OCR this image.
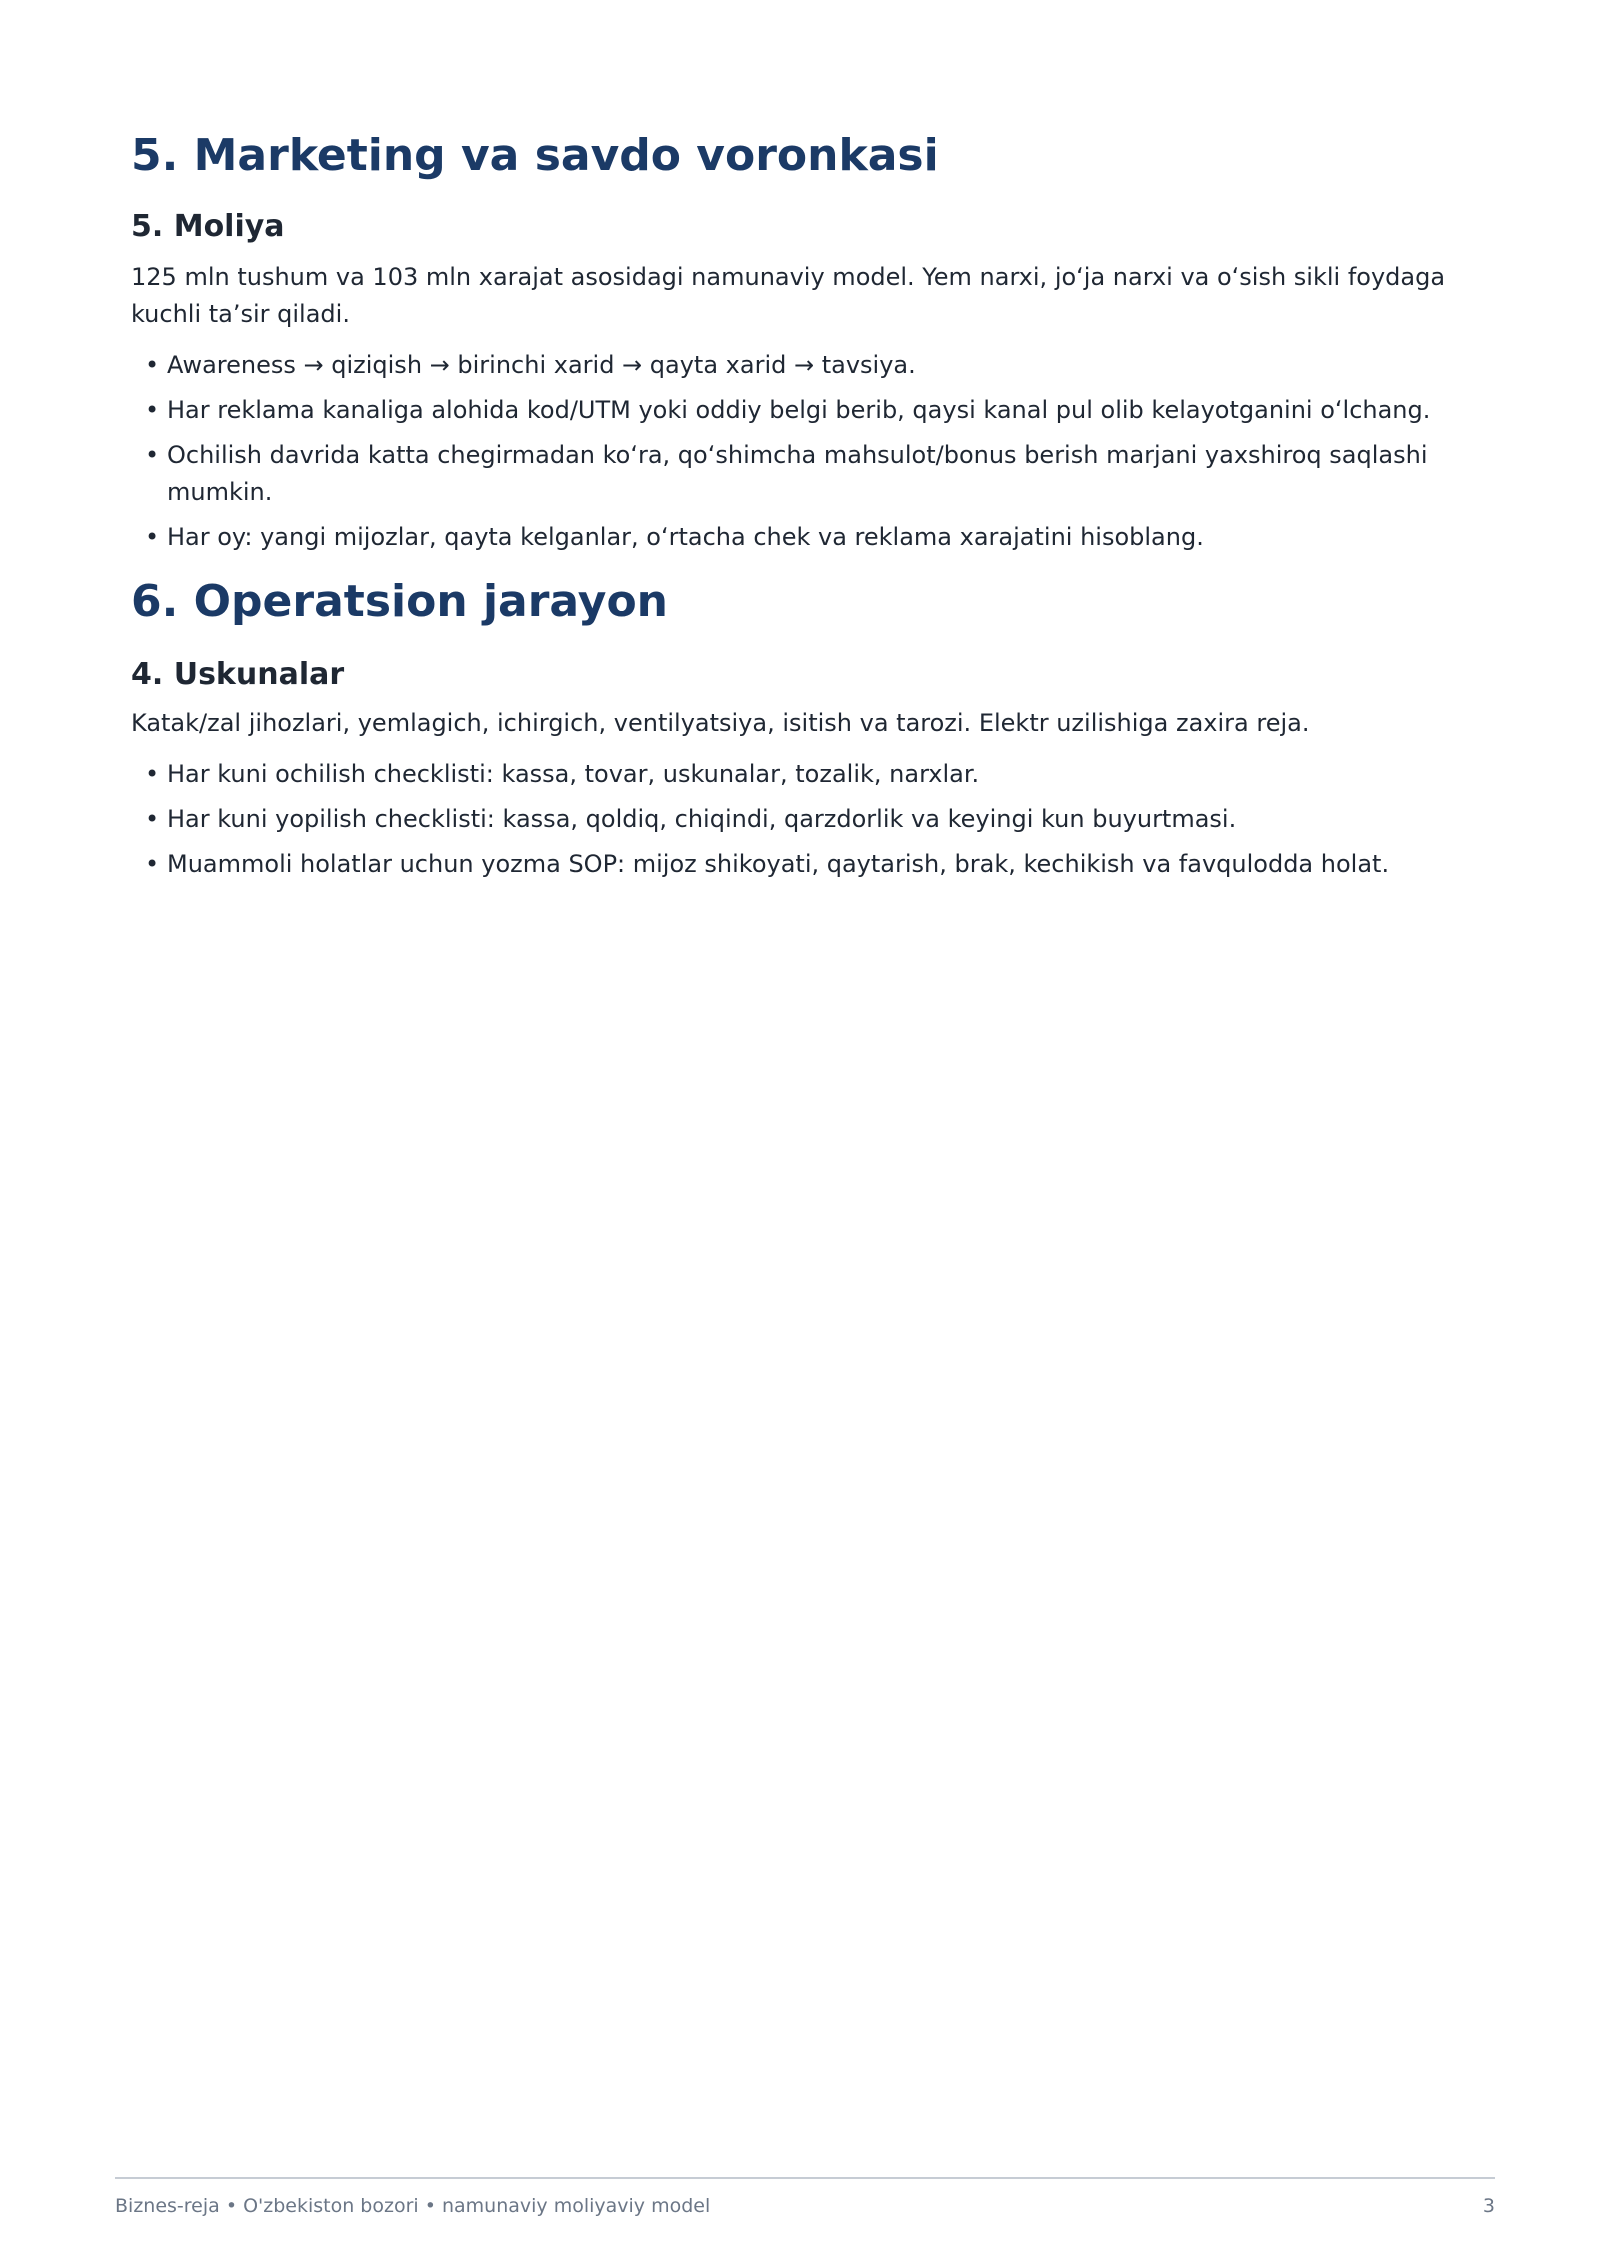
5. Marketing va savdo voronkasi
5. Moliya

125 mln tushum va 103 mln xarajat asosidagi namunaviy model. Yem narxi, joʻja narxi va oʻsish sikli foydaga kuchli taʼsir qiladi.

• Awareness → qiziqish → birinchi xarid → qayta xarid → tavsiya.
• Har reklama kanaliga alohida kod/UTM yoki oddiy belgi berib, qaysi kanal pul olib kelayotganini oʻlchang.
• Ochilish davrida katta chegirmadan koʻra, qoʻshimcha mahsulot/bonus berish marjani yaxshiroq saqlashi mumkin.
• Har oy: yangi mijozlar, qayta kelganlar, oʻrtacha chek va reklama xarajatini hisoblang.
6. Operatsion jarayon
4. Uskunalar

Katak/zal jihozlari, yemlagich, ichirgich, ventilyatsiya, isitish va tarozi. Elektr uzilishiga zaxira reja.

• Har kuni ochilish checklisti: kassa, tovar, uskunalar, tozalik, narxlar.
• Har kuni yopilish checklisti: kassa, qoldiq, chiqindi, qarzdorlik va keyingi kun buyurtmasi.
• Muammoli holatlar uchun yozma SOP: mijoz shikoyati, qaytarish, brak, kechikish va favqulodda holat.
Biznes-reja • O'zbekiston bozori • namunaviy moliyaviy model	3
